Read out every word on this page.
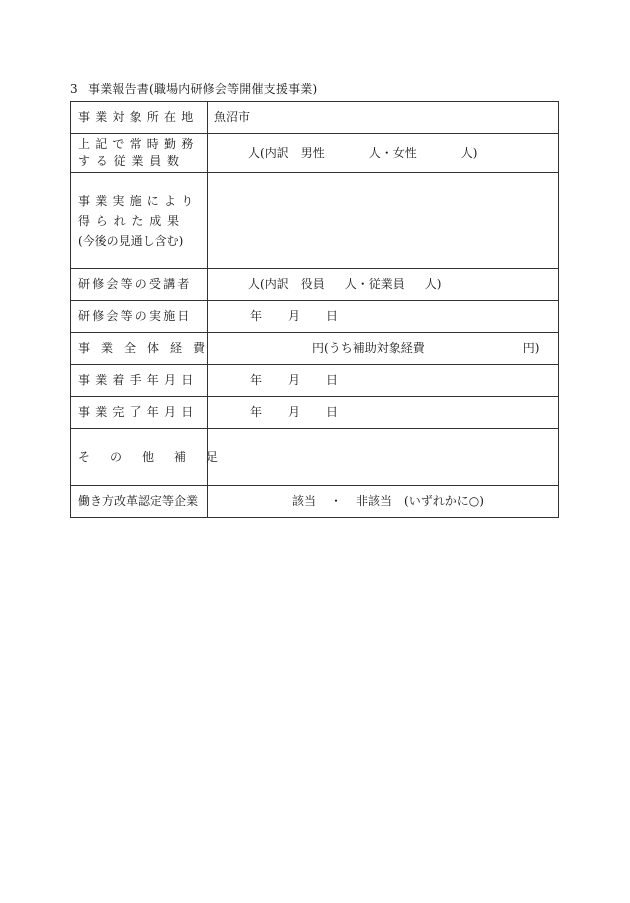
3 事業報告書(職場内研修会等開催支援事業)
事業対象所在地	魚沼市

上記で常時勤務
する従業員数	人(内訳 男性 人・女性 人)

事業実施により
得られた成果
(今後の見通し含む)	

研修会等の受講者	人(内訳 役員 人・従業員 人)
研修会等の実施日	年 月 日
事業全体経費	円(うち補助対象経費 円)
事業着手年月日	年 月 日
事業完了年月日	年 月 日
その他補足	
働き方改革認定等企業	該当 ・ 非該当 (いずれかに○)
